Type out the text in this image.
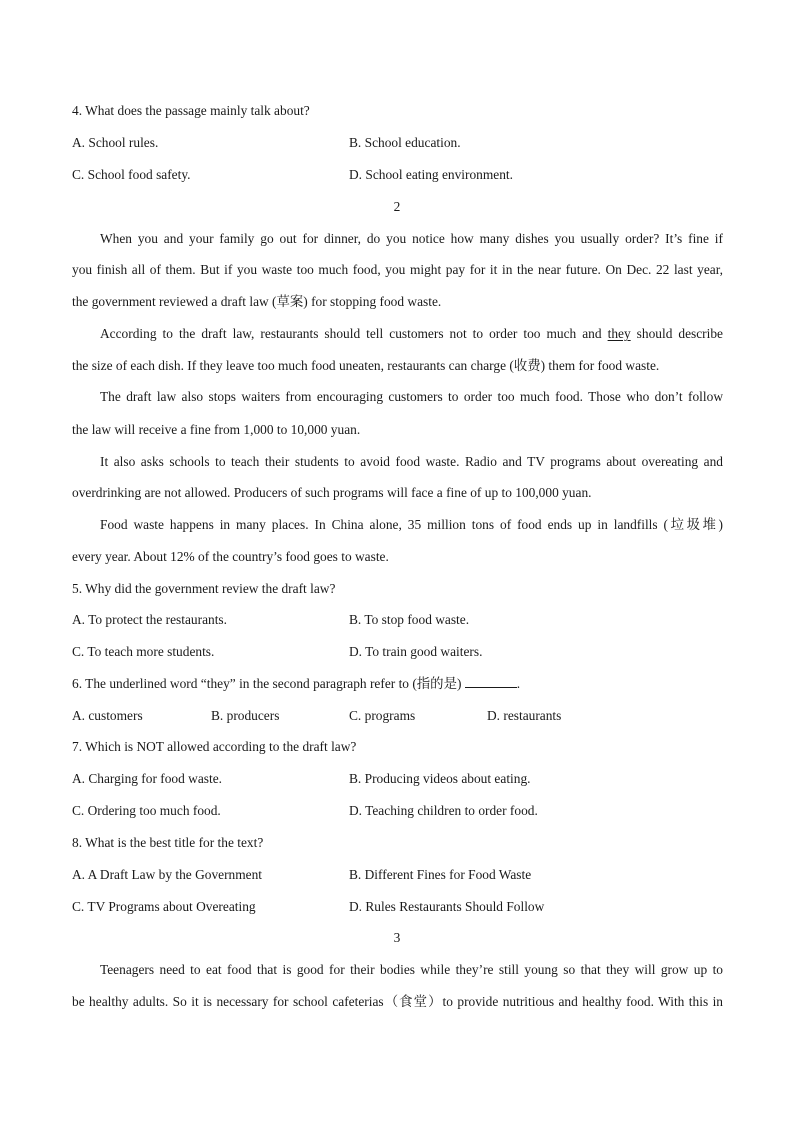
4. What does the passage mainly talk about?
A. School rules.	B. School education.
C. School food safety.	D. School eating environment.
2
When you and your family go out for dinner, do you notice how many dishes you usually order? It’s fine if
you finish all of them. But if you waste too much food, you might pay for it in the near future. On Dec. 22 last year,
the government reviewed a draft law (草案) for stopping food waste.
According to the draft law, restaurants should tell customers not to order too much and they should describe
the size of each dish. If they leave too much food uneaten, restaurants can charge (收费) them for food waste.
The draft law also stops waiters from encouraging customers to order too much food. Those who don’t follow
the law will receive a fine from 1,000 to 10,000 yuan.
It also asks schools to teach their students to avoid food waste. Radio and TV programs about overeating and
overdrinking are not allowed. Producers of such programs will face a fine of up to 100,000 yuan.
Food waste happens in many places. In China alone, 35 million tons of food ends up in landfills (垃圾堆)
every year. About 12% of the country’s food goes to waste.
5. Why did the government review the draft law?
A. To protect the restaurants.	B. To stop food waste.
C. To teach more students.	D. To train good waiters.
6. The underlined word “they” in the second paragraph refer to (指的是)	.
A. customers	B. producers	C. programs	D. restaurants
7. Which is NOT allowed according to the draft law?
A. Charging for food waste.	B. Producing videos about eating.
C. Ordering too much food.	D. Teaching children to order food.
8. What is the best title for the text?
A. A Draft Law by the Government	B. Different Fines for Food Waste
C. TV Programs about Overeating	D. Rules Restaurants Should Follow
3
Teenagers need to eat food that is good for their bodies while they’re still young so that they will grow up to
be healthy adults. So it is necessary for school cafeterias（食堂）to provide nutritious and healthy food. With this in
